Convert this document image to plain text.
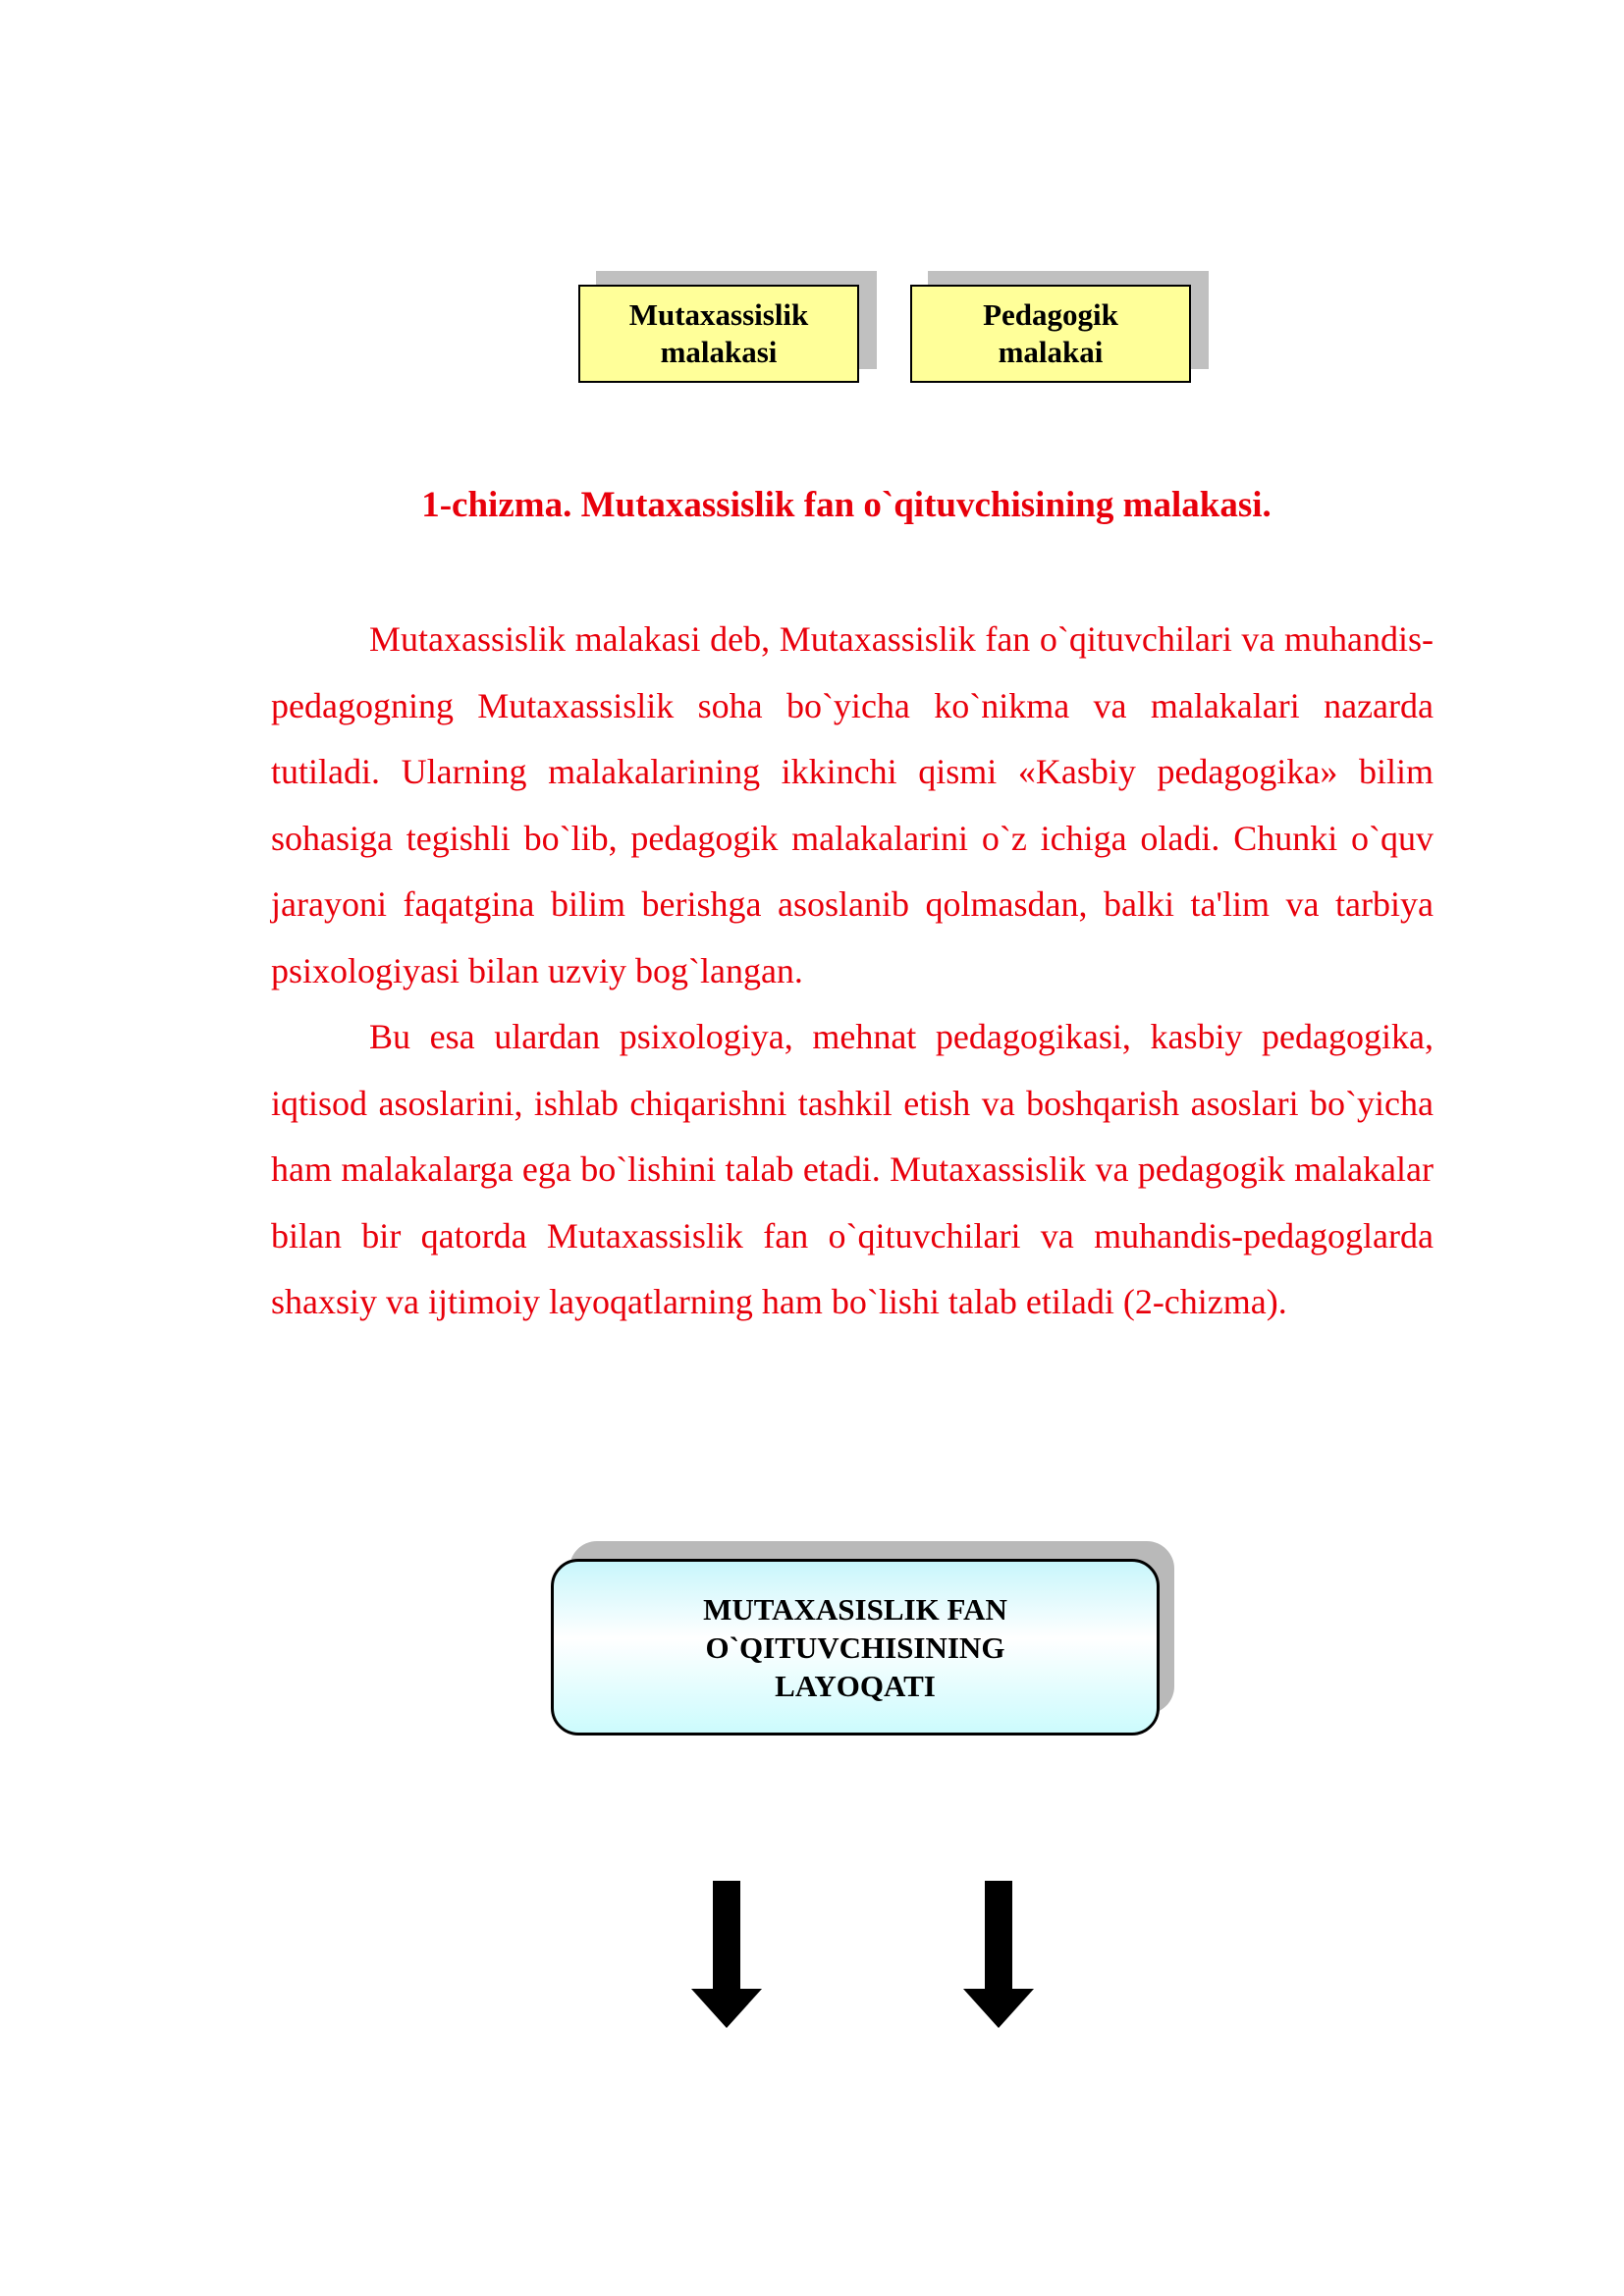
Mutaxassislik
malakasi
Pedagogik
malakai
1-chizma. Mutaxassislik fan o`qituvchisining malakasi.

Mutaxassislik malakasi deb, Mutaxassislik fan o`qituvchilari va muhandis-pedagogning Mutaxassislik soha bo`yicha ko`nikma va malakalari nazarda tutiladi. Ularning malakalarining ikkinchi qismi «Kasbiy pedagogika» bilim sohasiga tegishli bo`lib, pedagogik malakalarini o`z ichiga oladi. Chunki o`quv jarayoni faqatgina bilim berishga asoslanib qolmasdan, balki ta'lim va tarbiya psixologiyasi bilan uzviy bog`langan.

Bu esa ulardan psixologiya, mehnat pedagogikasi, kasbiy pedagogika, iqtisod asoslarini, ishlab chiqarishni tashkil etish va boshqarish asoslari bo`yicha ham malakalarga ega bo`lishini talab etadi. Mutaxassislik va pedagogik malakalar bilan bir qatorda Mutaxassislik fan o`qituvchilari va muhandis-pedagoglarda shaxsiy va ijtimoiy layoqatlarning ham bo`lishi talab etiladi (2-chizma).

MUTAXASISLIK FAN
O`QITUVCHISINING
LAYOQATI
